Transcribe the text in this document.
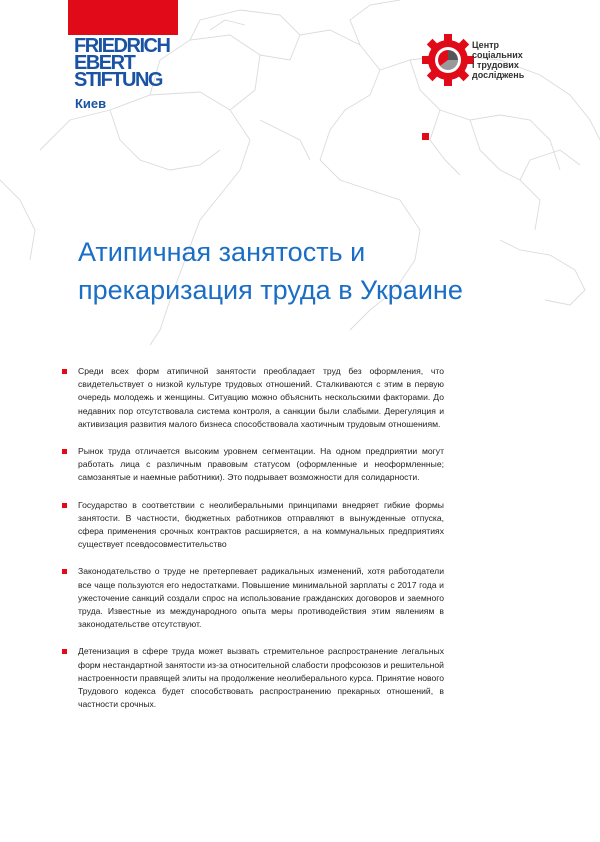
FRIEDRICH
EBERT
STIFTUNG
Киев
Центр
соціальних
і трудових
досліджень
Атипичная занятость и
прекаризация труда в Украине
Среди всех форм атипичной занятости преобладает труд без оформления, что свидетельствует о низкой культуре трудовых отношений. Сталкиваются с этим в первую очередь молодежь и женщины. Ситуацию можно объяснить нескольскими факторами. До недавних пор отсутствовала система контроля, а санкции были слабыми. Дерегуляция и активизация развития малого бизнеса способствовала хаотичным трудовым отношениям.
Рынок труда отличается высоким уровнем сегментации. На одном предприятии могут работать лица с различным правовым статусом (оформленные и неоформленные; самозанятые и наемные работники). Это подрывает возможности для солидарности.
Государство в соответствии с неолиберальными принципами внедряет гибкие формы занятости. В частности, бюджетных работников отправляют в вынужденные отпуска, сфера применения срочных контрактов расширяется, а на коммунальных предприятиях существует псевдосовместительство
Законодательство о труде не претерпевает радикальных изменений, хотя работодатели все чаще пользуются его недостатками. Повышение минимальной зарплаты с 2017 года и ужесточение санкций создали спрос на использование гражданских договоров и заемного труда. Известные из международного опыта меры противодействия этим явлениям в законодательстве отсутствуют.
Детенизация в сфере труда может вызвать стремительное распространение легальных форм нестандартной занятости из-за относительной слабости профсоюзов и решительной настроенности правящей элиты на продолжение неолиберального курса. Принятие нового Трудового кодекса будет способствовать распространению прекарных отношений, в частности срочных.
